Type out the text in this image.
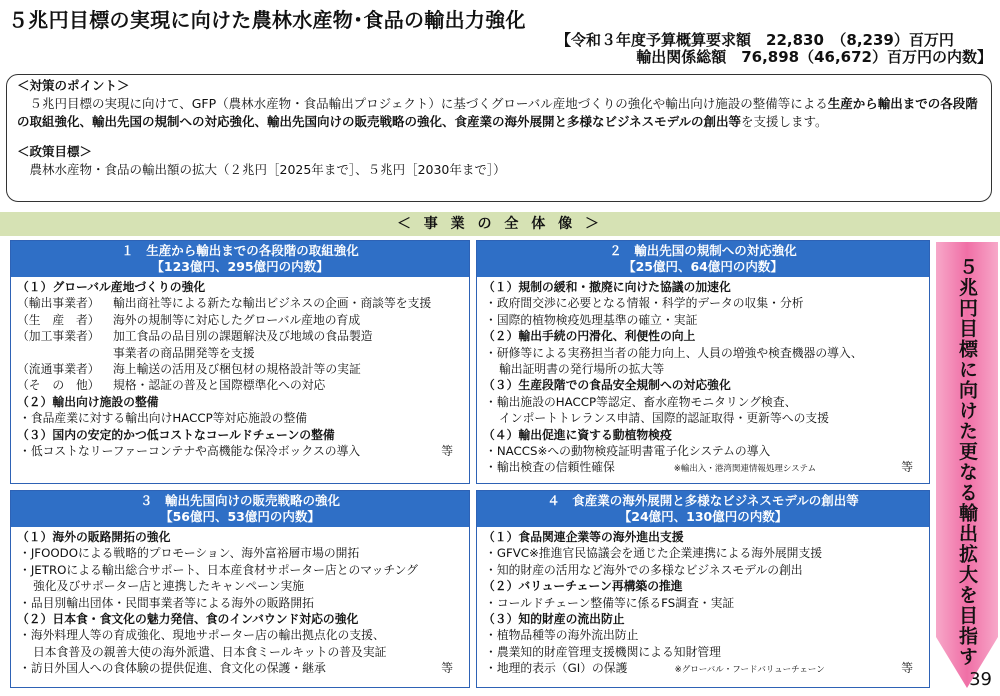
５兆円目標の実現に向けた農林水産物･食品の輸出力強化
【令和３年度予算概算要求額　22,830　（8,239）百万円
　　　　　 輸出関係総額　76,898（46,672）百万円の内数】
＜対策のポイント＞
５兆円目標の実現に向けて、GFP（農林水産物・食品輸出プロジェクト）に基づくグローバル産地づくりの強化や輸出向け施設の整備等による生産から輸出までの各段階の取組強化、輸出先国の規制への対応強化、輸出先国向けの販売戦略の強化、食産業の海外展開と多様なビジネスモデルの創出等を支援します。
＜政策目標＞
農林水産物・食品の輸出額の拡大（２兆円［2025年まで］、５兆円［2030年まで］）
＜ 事 業 の 全 体 像 ＞
１　生産から輸出までの各段階の取組強化
【123億円、295億円の内数】
（１）グローバル産地づくりの強化
（輸出事業者）	輸出商社等による新たな輸出ビジネスの企画・商談等を支援
（生　産　者）	海外の規制等に対応したグローバル産地の育成
（加工事業者）	加工食品の品目別の課題解決及び地域の食品製造
事業者の商品開発等を支援
（流通事業者）	海上輸送の活用及び梱包材の規格設計等の実証
（そ　の　他）	規格・認証の普及と国際標準化への対応
（２）輸出向け施設の整備
・ 食品産業に対する輸出向けHACCP等対応施設の整備
（３）国内の安定的かつ低コストなコールドチェーンの整備
等
・ 低コストなリーファーコンテナや高機能な保冷ボックスの導入
２　輸出先国の規制への対応強化
【25億円、64億円の内数】
（１）規制の緩和・撤廃に向けた協議の加速化
・ 政府間交渉に必要となる情報・科学的データの収集・分析
・ 国際的植物検疫処理基準の確立・実証
（２）輸出手続の円滑化、利便性の向上
・ 研修等による実務担当者の能力向上、人員の増強や検査機器の導入、
輸出証明書の発行場所の拡大等
（３）生産段階での食品安全規制への対応強化
・ 輸出施設のHACCP等認定、畜水産物モニタリング検査、
インポートトレランス申請、国際的認証取得・更新等への支援
（４）輸出促進に資する動植物検疫
・ NACCS※への動物検疫証明書電子化システムの導入
等
・ 輸出検査の信頼性確保　　　　　	※輸出入・港湾関連情報処理システム
３　輸出先国向けの販売戦略の強化
【56億円、53億円の内数】
（１）海外の販路開拓の強化
・ JFOODOによる戦略的プロモーション、海外富裕層市場の開拓
・ JETROによる輸出総合サポート、日本産食材サポーター店とのマッチング
強化及びサポーター店と連携したキャンペーン実施
・ 品目別輸出団体・民間事業者等による海外の販路開拓
（２）日本食・食文化の魅力発信、食のインバウンド対応の強化
・ 海外料理人等の育成強化、現地サポーター店の輸出拠点化の支援、
日本食普及の親善大使の海外派遣、日本食ミールキットの普及実証
等
・ 訪日外国人への食体験の提供促進、食文化の保護・継承
４　食産業の海外展開と多様なビジネスモデルの創出等
【24億円、130億円の内数】
（１）食品関連企業等の海外進出支援
・ GFVC※推進官民協議会を通じた企業連携による海外展開支援
・ 知的財産の活用など海外での多様なビジネスモデルの創出
（２）バリューチェーン再構築の推進
・ コールドチェーン整備等に係るFS調査・実証
（３）知的財産の流出防止
・ 植物品種等の海外流出防止
・ 農業知的財産管理支援機関による知財管理
等
・ 地理的表示（GI）の保護　　　　	※グローバル・フードバリューチェーン
５兆円目標に向けた更なる輸出拡大を目指す
39
